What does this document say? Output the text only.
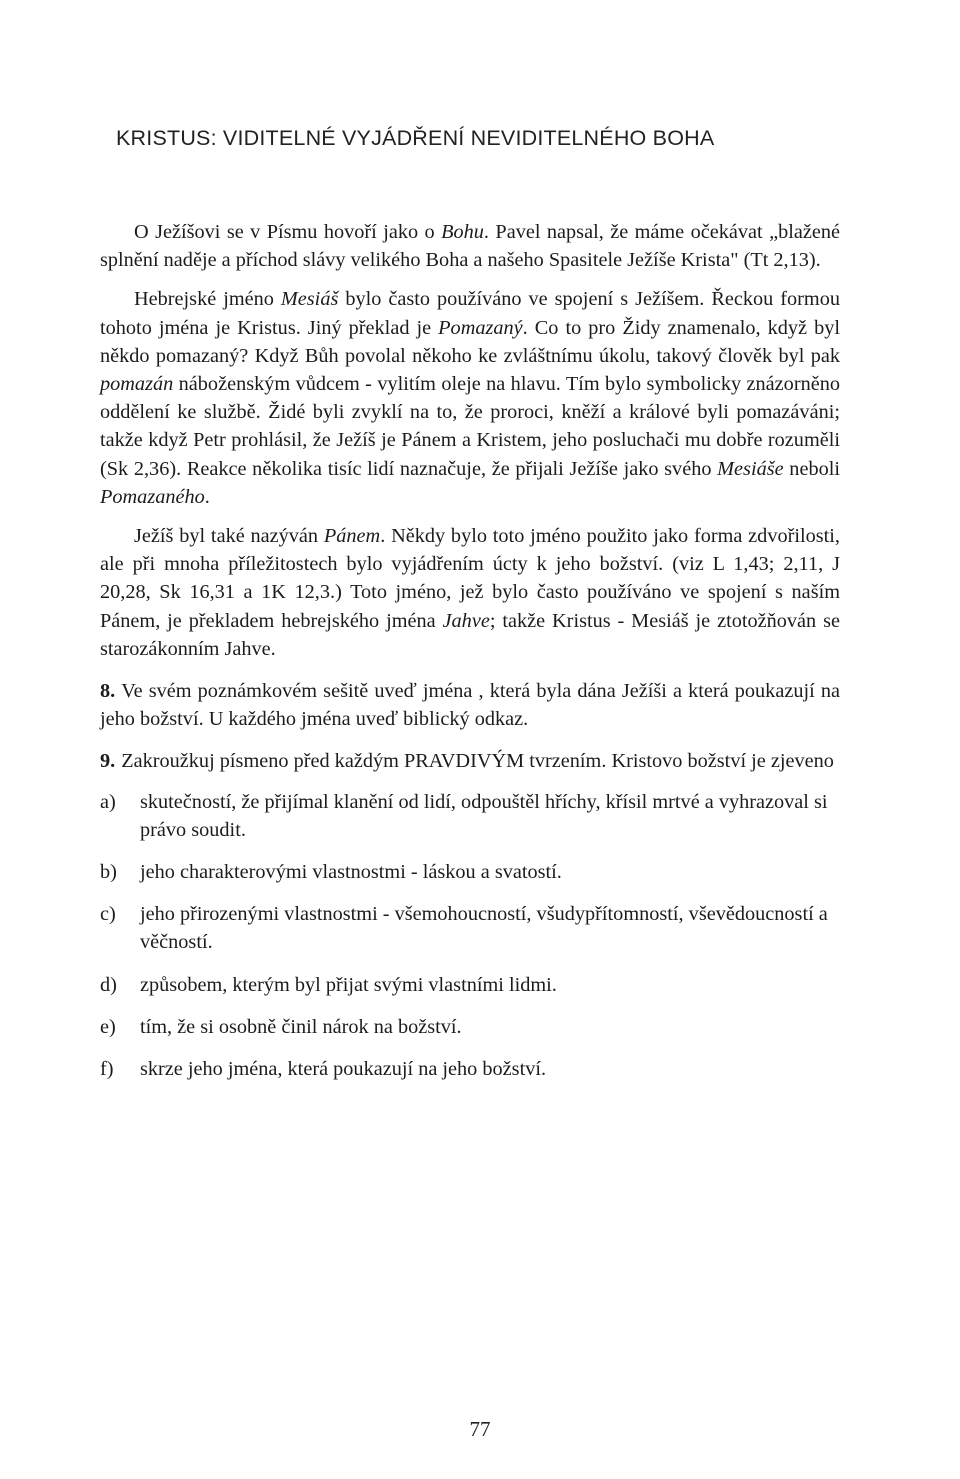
KRISTUS: VIDITELNÉ VYJÁDŘENÍ NEVIDITELNÉHO BOHA

O Ježíšovi se v Písmu hovoří jako o Bohu. Pavel napsal, že máme očekávat „blažené splnění naděje a příchod slávy velikého Boha a našeho Spasitele Ježíše Krista" (Tt 2,13).

Hebrejské jméno Mesiáš bylo často používáno ve spojení s Ježíšem. Řeckou formou tohoto jména je Kristus. Jiný překlad je Pomazaný. Co to pro Židy znamenalo, když byl někdo pomazaný? Když Bůh povolal někoho ke zvláštnímu úkolu, takový člověk byl pak pomazán náboženským vůdcem - vylitím oleje na hlavu. Tím bylo symbolicky znázorněno oddělení ke službě. Židé byli zvyklí na to, že proroci, kněží a králové byli pomazáváni; takže když Petr prohlásil, že Ježíš je Pánem a Kristem, jeho posluchači mu dobře rozuměli (Sk 2,36). Reakce několika tisíc lidí naznačuje, že přijali Ježíše jako svého Mesiáše neboli Pomazaného.

Ježíš byl také nazýván Pánem. Někdy bylo toto jméno použito jako forma zdvořilosti, ale při mnoha příležitostech bylo vyjádřením úcty k jeho božství. (viz L 1,43; 2,11, J 20,28, Sk 16,31 a 1K 12,3.) Toto jméno, jež bylo často používáno ve spojení s naším Pánem, je překladem hebrejského jména Jahve; takže Kristus - Mesiáš je ztotožňován se starozákonním Jahve.

8. Ve svém poznámkovém sešitě uveď jména , která byla dána Ježíši a která poukazují na jeho božství. U každého jména uveď biblický odkaz.

9. Zakroužkuj písmeno před každým PRAVDIVÝM tvrzením. Kristovo božství je zjeveno

a)	skutečností, že přijímal klanění od lidí, odpouštěl hříchy, křísil mrtvé a vyhrazoval si právo soudit.
b)	jeho charakterovými vlastnostmi - láskou a svatostí.
c)	jeho přirozenými vlastnostmi - všemohoucností, všudypřítomností, vševědoucností a věčností.
d)	způsobem, kterým byl přijat svými vlastními lidmi.
e)	tím, že si osobně činil nárok na božství.
f)	skrze jeho jména, která poukazují na jeho božství.
77
